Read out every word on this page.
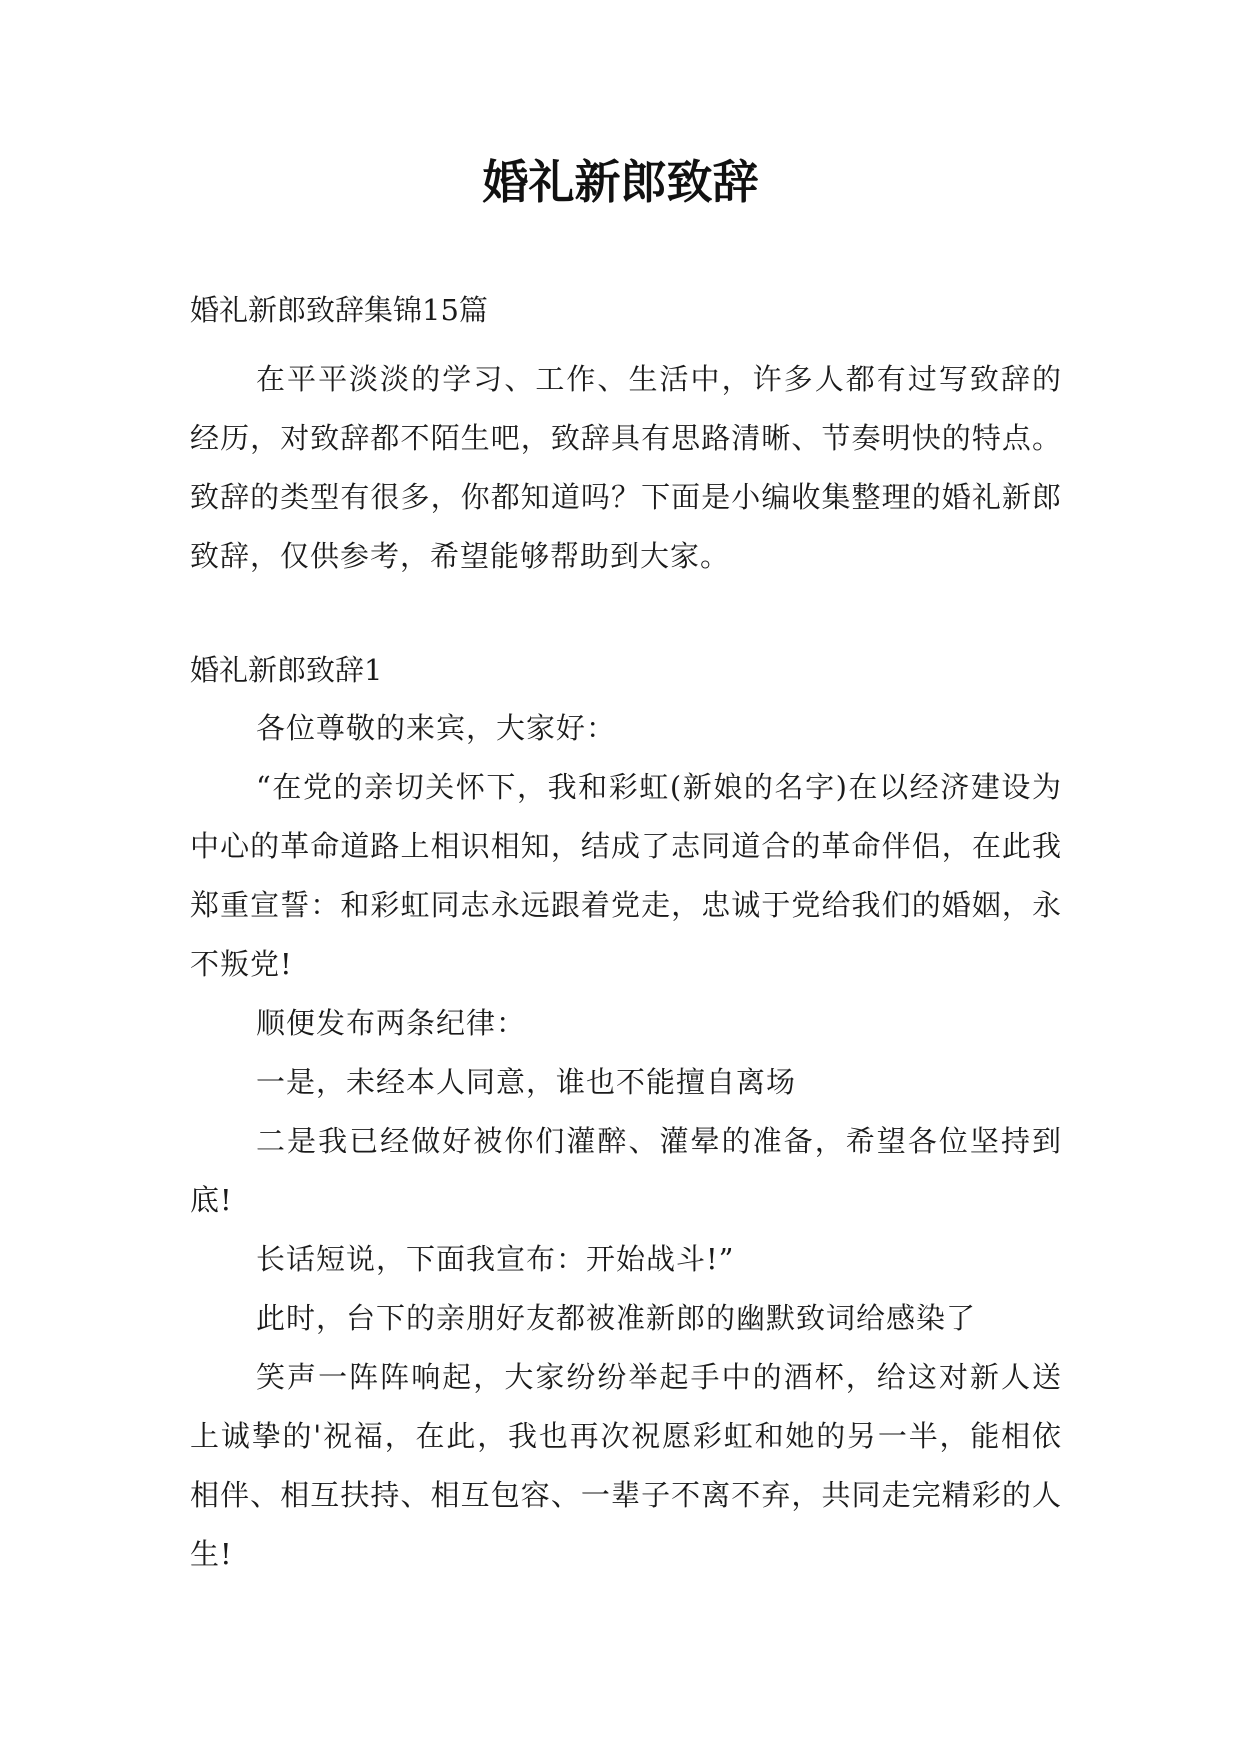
婚礼新郎致辞

婚礼新郎致辞集锦15篇

在平平淡淡的学习、工作、生活中，许多人都有过写致辞的经历，对致辞都不陌生吧，致辞具有思路清晰、节奏明快的特点。致辞的类型有很多，你都知道吗？下面是小编收集整理的婚礼新郎致辞，仅供参考，希望能够帮助到大家。

婚礼新郎致辞1

各位尊敬的来宾，大家好：

“在党的亲切关怀下，我和彩虹(新娘的名字)在以经济建设为中心的革命道路上相识相知，结成了志同道合的革命伴侣，在此我郑重宣誓：和彩虹同志永远跟着党走，忠诚于党给我们的婚姻，永不叛党!

顺便发布两条纪律：

一是，未经本人同意，谁也不能擅自离场

二是我已经做好被你们灌醉、灌晕的准备，希望各位坚持到底!

长话短说，下面我宣布：开始战斗!”

此时，台下的亲朋好友都被准新郎的幽默致词给感染了

笑声一阵阵响起，大家纷纷举起手中的酒杯，给这对新人送上诚挚的'祝福，在此，我也再次祝愿彩虹和她的另一半，能相依相伴、相互扶持、相互包容、一辈子不离不弃，共同走完精彩的人生!
